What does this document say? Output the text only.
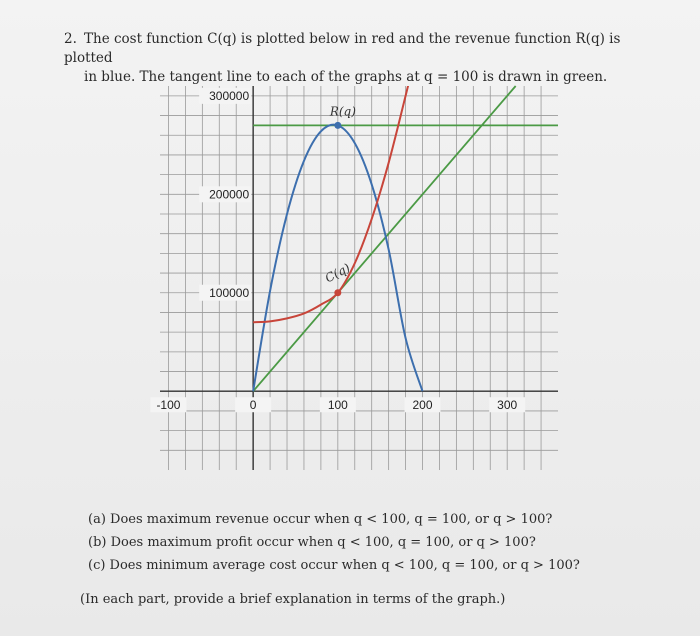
2. The cost function C(q) is plotted below in red and the revenue function R(q) is plotted
in blue. The tangent line to each of the graphs at q = 100 is drawn in green.
-100	0	100	200	300
100000
200000
300000
R(q)
C(q)
(a) Does maximum revenue occur when q < 100, q = 100, or q > 100?
(b) Does maximum profit occur when q < 100, q = 100, or q > 100?
(c) Does minimum average cost occur when q < 100, q = 100, or q > 100?
(In each part, provide a brief explanation in terms of the graph.)
